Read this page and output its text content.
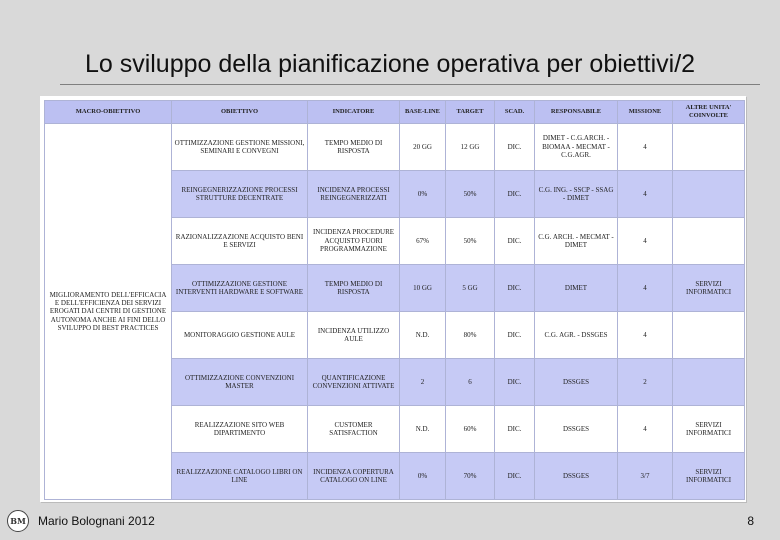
Lo sviluppo della pianificazione operativa per obiettivi/2
MACRO-OBIETTIVO	OBIETTIVO	INDICATORE	BASE-LINE	TARGET	SCAD.	RESPONSABILE	MISSIONE	ALTRE UNITA' COINVOLTE
MIGLIORAMENTO DELL'EFFICACIA E DELL'EFFICIENZA DEI SERVIZI EROGATI DAI CENTRI DI GESTIONE AUTONOMA ANCHE AI FINI DELLO SVILUPPO DI BEST PRACTICES	OTTIMIZZAZIONE GESTIONE MISSIONI, SEMINARI E CONVEGNI	TEMPO MEDIO DI RISPOSTA	20 GG	12 GG	DIC.	DIMET - C.G.ARCH. - BIOMAA - MECMAT - C.G.AGR.	4	
	REINGEGNERIZZAZIONE PROCESSI STRUTTURE DECENTRATE	INCIDENZA PROCESSI REINGEGNERIZZATI	0%	50%	DIC.	C.G. ING. - SSCP - SSAG - DIMET	4	
	RAZIONALIZZAZIONE ACQUISTO BENI E SERVIZI	INCIDENZA PROCEDURE ACQUISTO FUORI PROGRAMMAZIONE	67%	50%	DIC.	C.G. ARCH. - MECMAT - DIMET	4	
	OTTIMIZZAZIONE GESTIONE INTERVENTI HARDWARE E SOFTWARE	TEMPO MEDIO DI RISPOSTA	10 GG	5 GG	DIC.	DIMET	4	SERVIZI INFORMATICI
	MONITORAGGIO GESTIONE AULE	INCIDENZA UTILIZZO AULE	N.D.	80%	DIC.	C.G. AGR. - DSSGES	4	
	OTTIMIZZAZIONE CONVENZIONI MASTER	QUANTIFICAZIONE CONVENZIONI ATTIVATE	2	6	DIC.	DSSGES	2	
	REALIZZAZIONE SITO WEB DIPARTIMENTO	CUSTOMER SATISFACTION	N.D.	60%	DIC.	DSSGES	4	SERVIZI INFORMATICI
	REALIZZAZIONE CATALOGO LIBRI ON LINE	INCIDENZA COPERTURA CATALOGO ON LINE	0%	70%	DIC.	DSSGES	3/7	SERVIZI INFORMATICI
BM Mario Bolognani 2012	8
